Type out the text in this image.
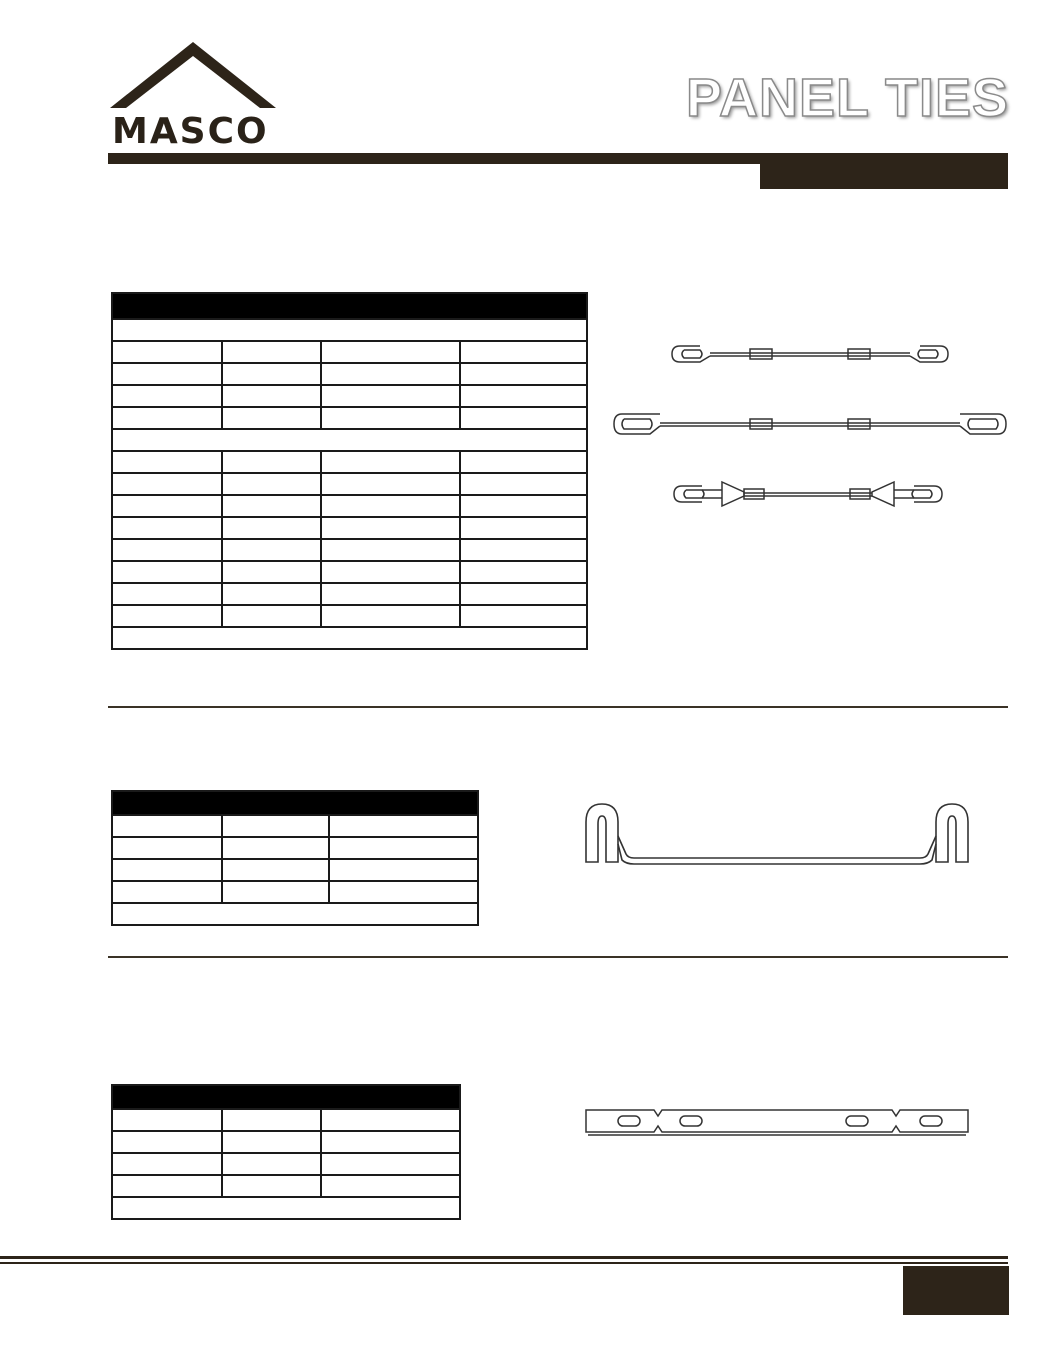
MASCO
PANEL TIES
